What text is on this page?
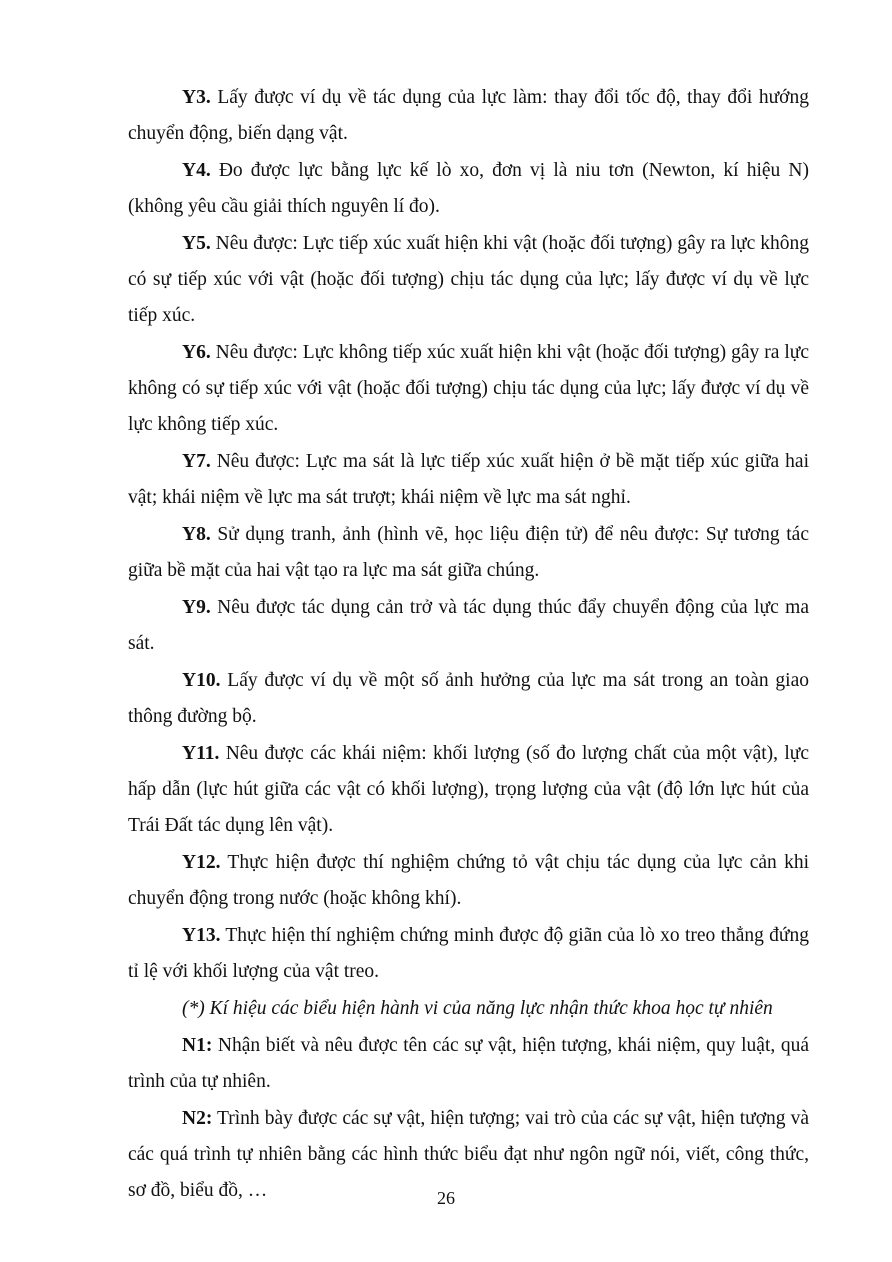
Y3. Lấy được ví dụ về tác dụng của lực làm: thay đổi tốc độ, thay đổi hướng chuyển động, biến dạng vật.

Y4. Đo được lực bằng lực kế lò xo, đơn vị là niu tơn (Newton, kí hiệu N) (không yêu cầu giải thích nguyên lí đo).

Y5. Nêu được: Lực tiếp xúc xuất hiện khi vật (hoặc đối tượng) gây ra lực không có sự tiếp xúc với vật (hoặc đối tượng) chịu tác dụng của lực; lấy được ví dụ về lực tiếp xúc.

Y6. Nêu được: Lực không tiếp xúc xuất hiện khi vật (hoặc đối tượng) gây ra lực không có sự tiếp xúc với vật (hoặc đối tượng) chịu tác dụng của lực; lấy được ví dụ về lực không tiếp xúc.

Y7. Nêu được: Lực ma sát là lực tiếp xúc xuất hiện ở bề mặt tiếp xúc giữa hai vật; khái niệm về lực ma sát trượt; khái niệm về lực ma sát nghỉ.

Y8. Sử dụng tranh, ảnh (hình vẽ, học liệu điện tử) để nêu được: Sự tương tác giữa bề mặt của hai vật tạo ra lực ma sát giữa chúng.

Y9. Nêu được tác dụng cản trở và tác dụng thúc đẩy chuyển động của lực ma sát.

Y10. Lấy được ví dụ về một số ảnh hưởng của lực ma sát trong an toàn giao thông đường bộ.

Y11. Nêu được các khái niệm: khối lượng (số đo lượng chất của một vật), lực hấp dẫn (lực hút giữa các vật có khối lượng), trọng lượng của vật (độ lớn lực hút của Trái Đất tác dụng lên vật).

Y12. Thực hiện được thí nghiệm chứng tỏ vật chịu tác dụng của lực cản khi chuyển động trong nước (hoặc không khí).

Y13. Thực hiện thí nghiệm chứng minh được độ giãn của lò xo treo thẳng đứng tỉ lệ với khối lượng của vật treo.

(*) Kí hiệu các biểu hiện hành vi của năng lực nhận thức khoa học tự nhiên

N1: Nhận biết và nêu được tên các sự vật, hiện tượng, khái niệm, quy luật, quá trình của tự nhiên.

N2: Trình bày được các sự vật, hiện tượng; vai trò của các sự vật, hiện tượng và các quá trình tự nhiên bằng các hình thức biểu đạt như ngôn ngữ nói, viết, công thức, sơ đồ, biểu đồ, …	26
